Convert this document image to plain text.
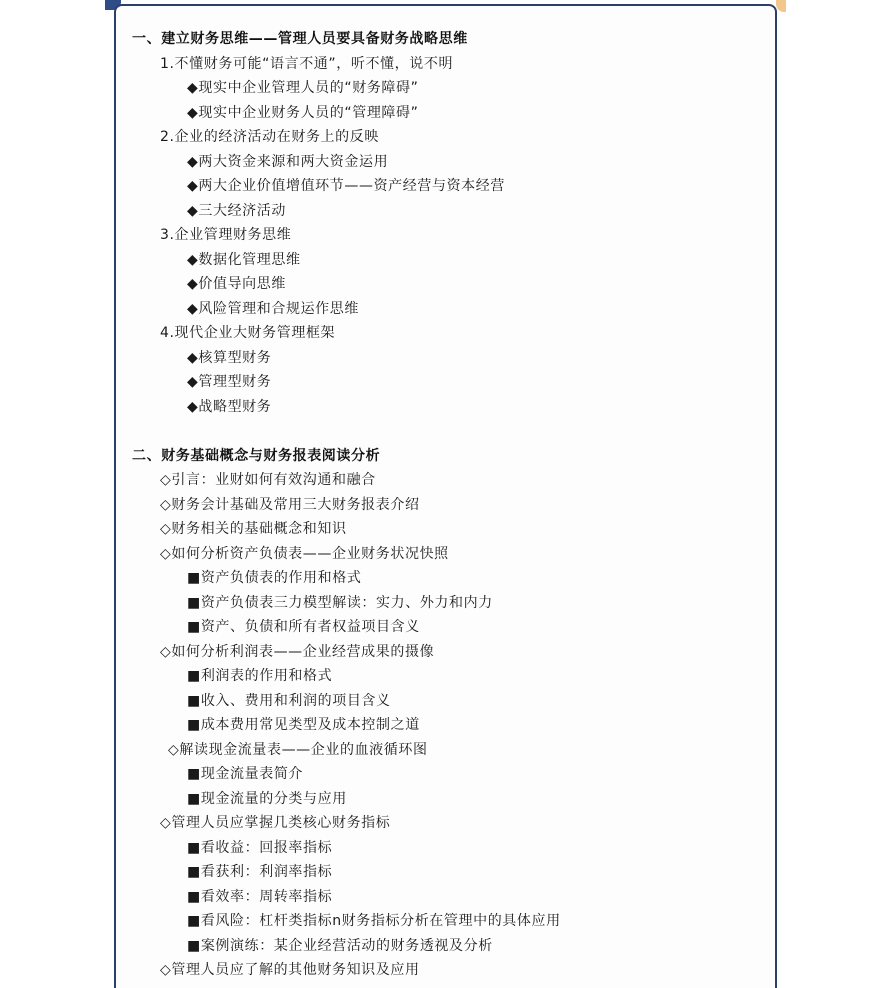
一、建立财务思维——管理人员要具备财务战略思维
1.不懂财务可能“语言不通”，听不懂，说不明
◆现实中企业管理人员的“财务障碍”
◆现实中企业财务人员的“管理障碍”
2.企业的经济活动在财务上的反映
◆两大资金来源和两大资金运用
◆两大企业价值增值环节——资产经营与资本经营
◆三大经济活动
3.企业管理财务思维
◆数据化管理思维
◆价值导向思维
◆风险管理和合规运作思维
4.现代企业大财务管理框架
◆核算型财务
◆管理型财务
◆战略型财务
二、财务基础概念与财务报表阅读分析
◇引言：业财如何有效沟通和融合
◇财务会计基础及常用三大财务报表介绍
◇财务相关的基础概念和知识
◇如何分析资产负债表——企业财务状况快照
■资产负债表的作用和格式
■资产负债表三力模型解读：实力、外力和内力
■资产、负债和所有者权益项目含义
◇如何分析利润表——企业经营成果的摄像
■利润表的作用和格式
■收入、费用和利润的项目含义
■成本费用常见类型及成本控制之道
◇解读现金流量表——企业的血液循环图
■现金流量表简介
■现金流量的分类与应用
◇管理人员应掌握几类核心财务指标
■看收益：回报率指标
■看获利：利润率指标
■看效率：周转率指标
■看风险：杠杆类指标n财务指标分析在管理中的具体应用
■案例演练：某企业经营活动的财务透视及分析
◇管理人员应了解的其他财务知识及应用
